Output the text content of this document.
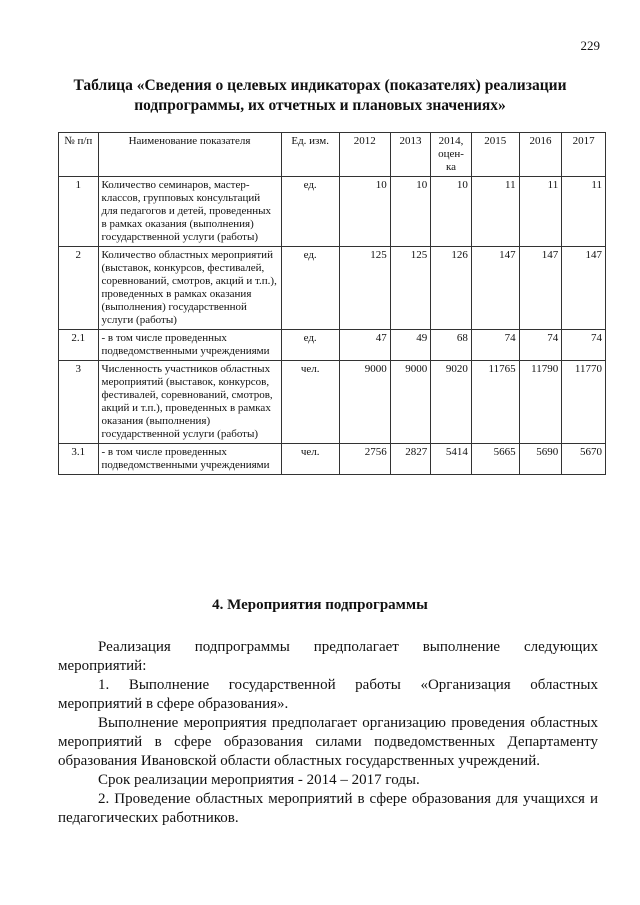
229
Таблица «Сведения о целевых индикаторах (показателях) реализации
подпрограммы, их отчетных и плановых значениях»
№ п/п	Наименование показателя	Ед. изм.	2012	2013	2014, оцен-ка	2015	2016	2017
1	Количество семинаров, мастер-классов, групповых консультаций для педагогов и детей, проведенных в рамках оказания (выполнения) государственной услуги (работы)	ед.	10	10	10	11	11	11
2	Количество областных мероприятий (выставок, конкурсов, фестивалей, соревнований, смотров, акций и т.п.), проведенных в рамках оказания (выполнения) государственной услуги (работы)	ед.	125	125	126	147	147	147
2.1	- в том числе проведенных подведомственными учреждениями	ед.	47	49	68	74	74	74
3	Численность участников областных мероприятий (выставок, конкурсов, фестивалей, соревнований, смотров, акций и т.п.), проведенных в рамках оказания (выполнения) государственной услуги (работы)	чел.	9000	9000	9020	11765	11790	11770
3.1	- в том числе проведенных подведомственными учреждениями	чел.	2756	2827	5414	5665	5690	5670
4. Мероприятия подпрограммы

Реализация подпрограммы предполагает выполнение следующих мероприятий:

1. Выполнение государственной работы «Организация областных мероприятий в сфере образования».

Выполнение мероприятия предполагает организацию проведения областных мероприятий в сфере образования силами подведомственных Департаменту образования Ивановской области областных государственных учреждений.

Срок реализации мероприятия - 2014 – 2017 годы.

2. Проведение областных мероприятий в сфере образования для учащихся и педагогических работников.
